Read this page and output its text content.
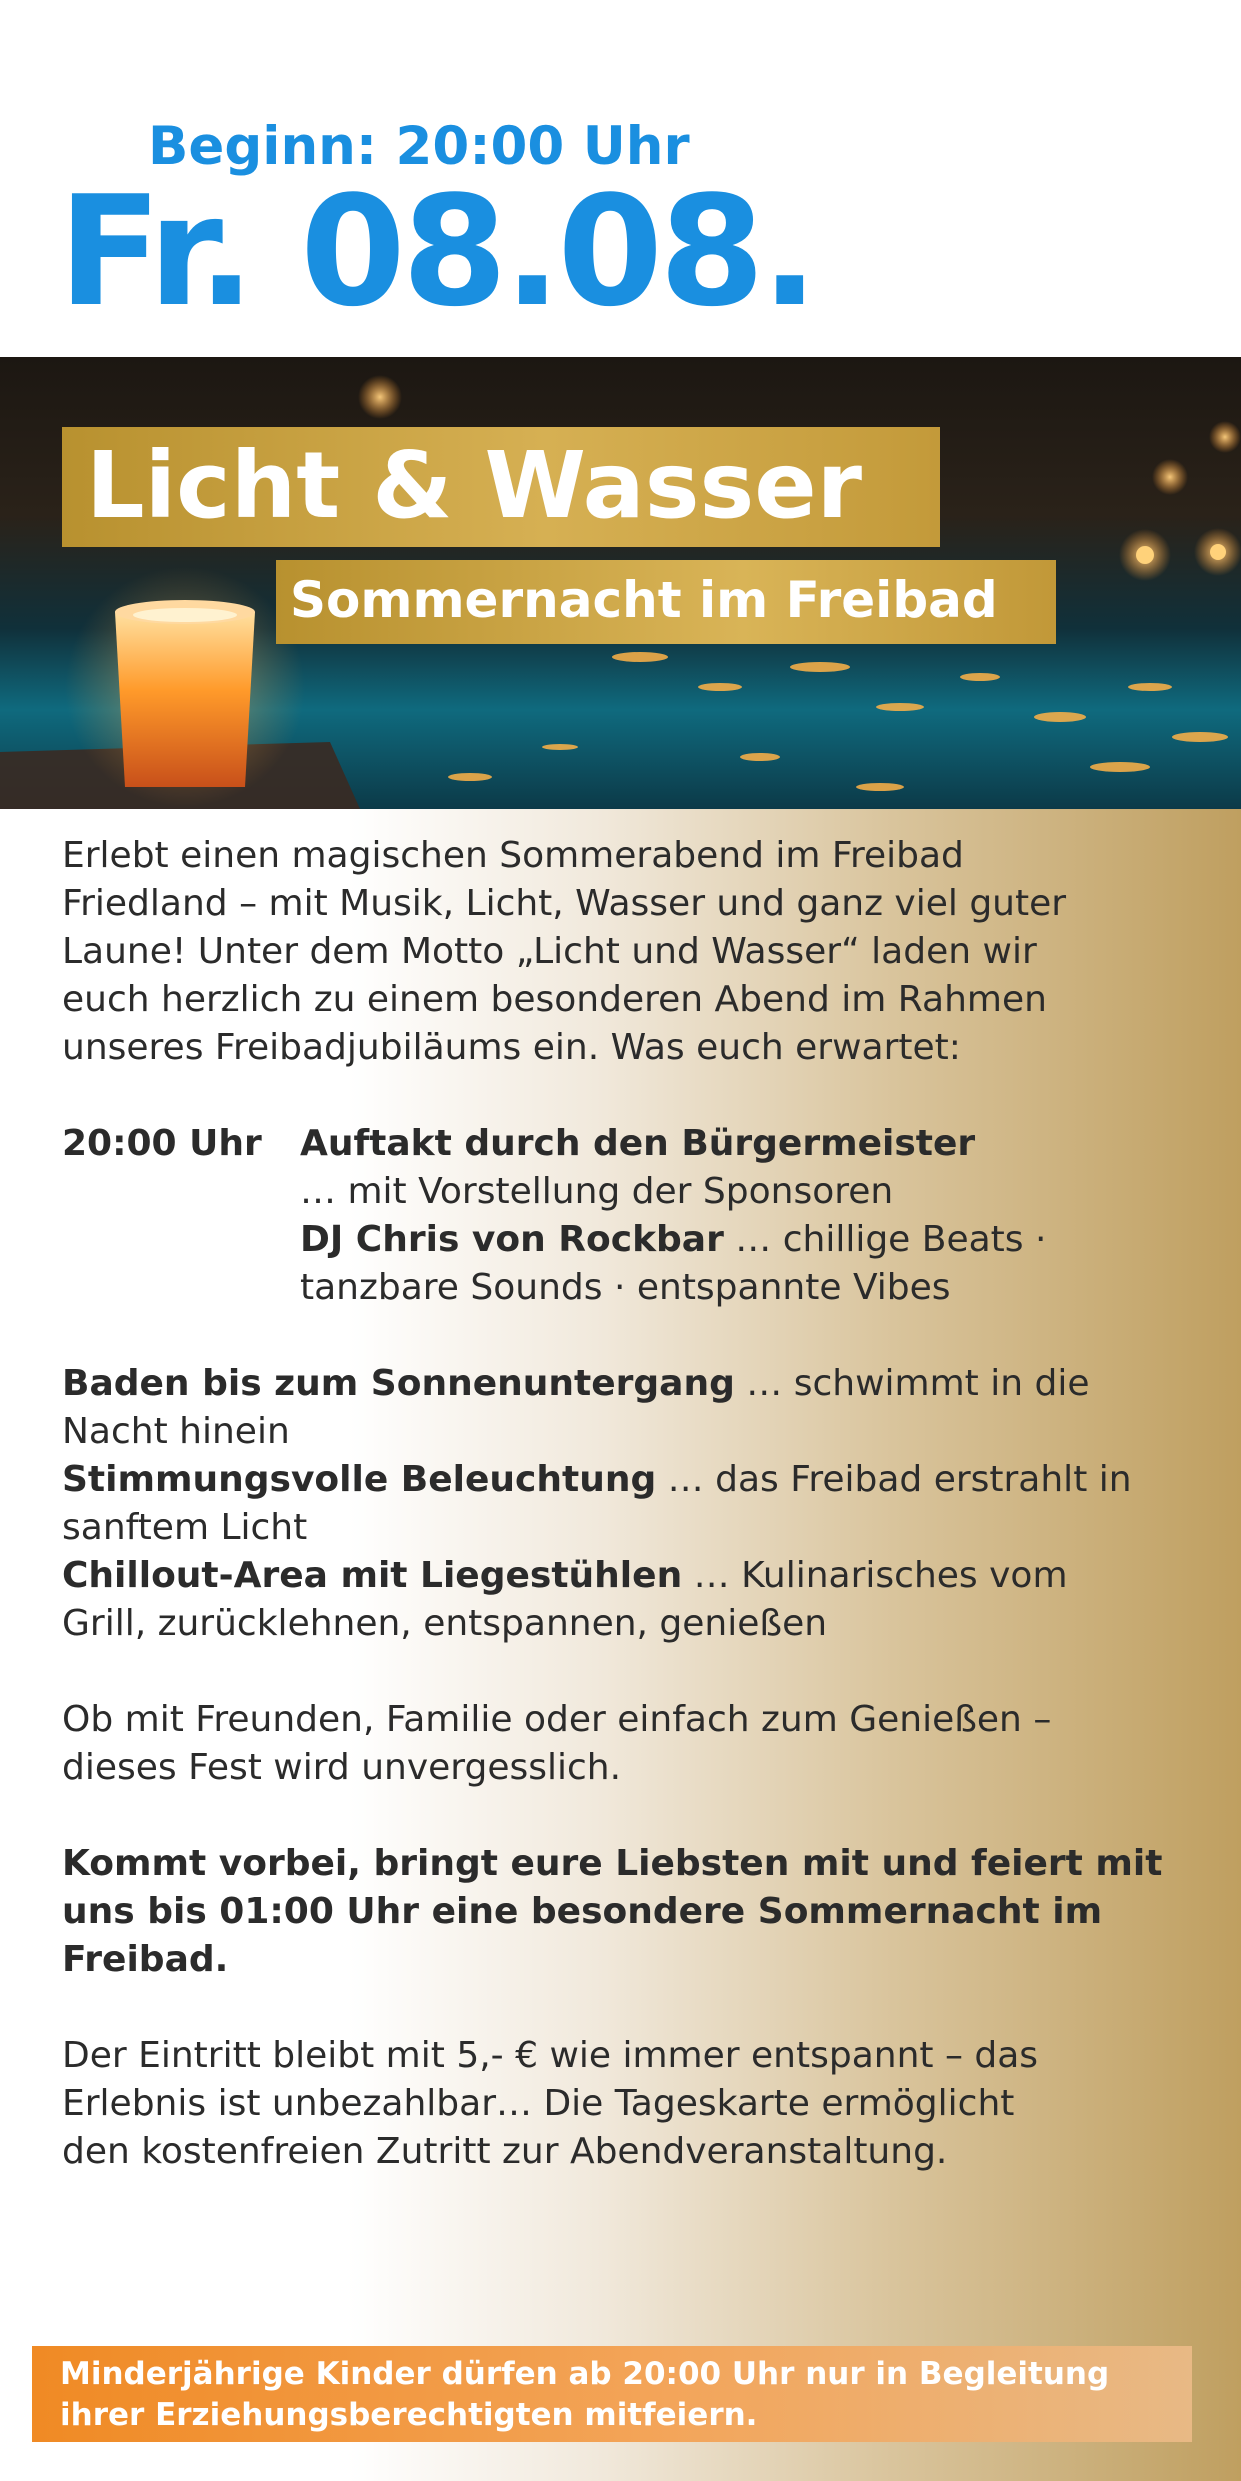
Beginn: 20:00 Uhr
Fr. 08.08.
Licht & Wasser
Sommernacht im Freibad

Erlebt einen magischen Sommerabend im Freibad

Friedland – mit Musik, Licht, Wasser und ganz viel guter

Laune! Unter dem Motto „Licht und Wasser“ laden wir

euch herzlich zu einem besonderen Abend im Rahmen

unseres Freibadjubiläums ein. Was euch erwartet:

20:00 Uhr	Auftakt durch den Bürgermeister

… mit Vorstellung der Sponsoren

DJ Chris von Rockbar … chillige Beats ·

tanzbare Sounds · entspannte Vibes

Baden bis zum Sonnenuntergang … schwimmt in die

Nacht hinein

Stimmungsvolle Beleuchtung … das Freibad erstrahlt in

sanftem Licht

Chillout-Area mit Liegestühlen … Kulinarisches vom

Grill, zurücklehnen, entspannen, genießen

Ob mit Freunden, Familie oder einfach zum Genießen –

dieses Fest wird unvergesslich.

Kommt vorbei, bringt eure Liebsten mit und feiert mit

uns bis 01:00 Uhr eine besondere Sommernacht im

Freibad.

Der Eintritt bleibt mit 5,- € wie immer entspannt – das

Erlebnis ist unbezahlbar… Die Tageskarte ermöglicht

den kostenfreien Zutritt zur Abendveranstaltung.

Minderjährige Kinder dürfen ab 20:00 Uhr nur in Begleitung
ihrer Erziehungsberechtigten mitfeiern.
